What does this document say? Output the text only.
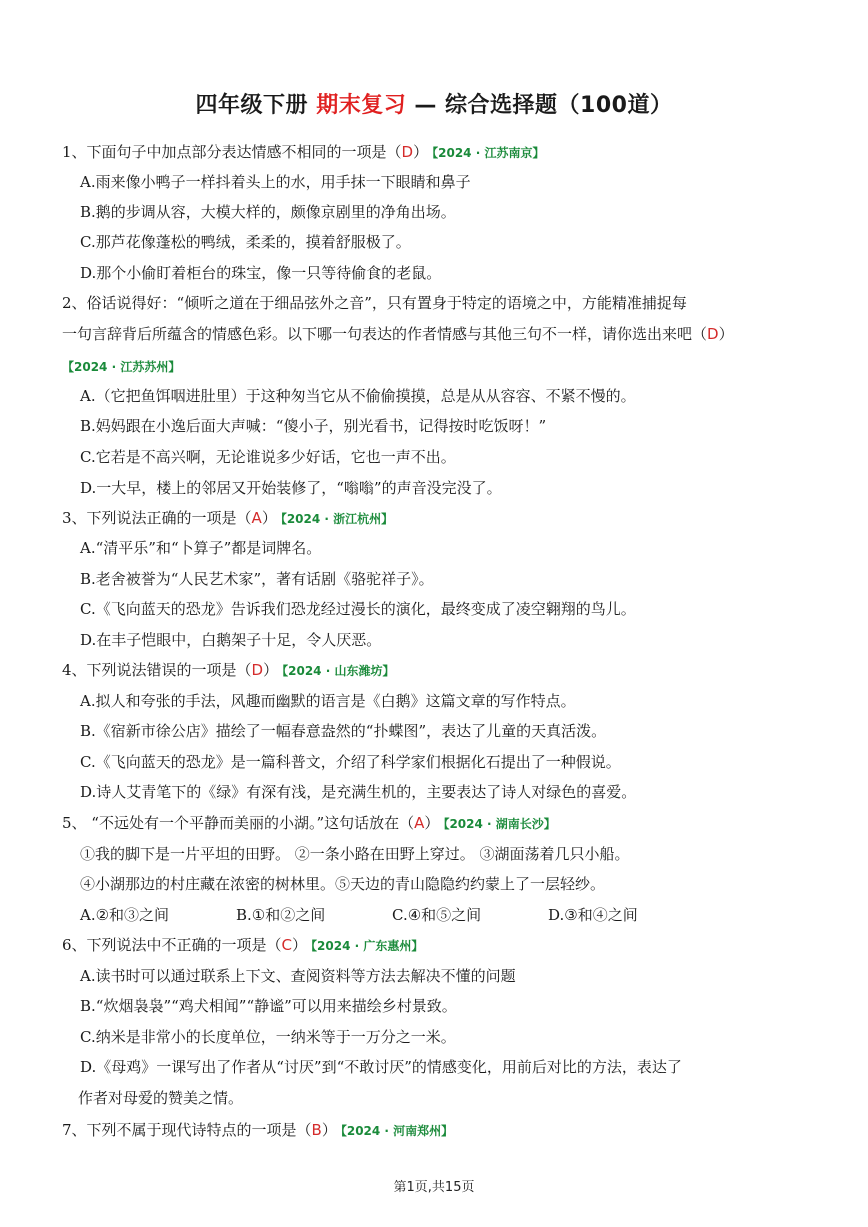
四年级下册 期末复习 — 综合选择题（100道）
1、下面句子中加点部分表达情感不相同的一项是（D） 【2024 · 江苏南京】
A.雨来像小鸭子一样抖着头上的水，用手抹一下眼睛和鼻子
B.鹅的步调从容，大模大样的，颇像京剧里的净角出场。
C.那芦花像蓬松的鸭绒，柔柔的，摸着舒服极了。
D.那个小偷盯着柜台的珠宝，像一只等待偷食的老鼠。
2、俗话说得好：“倾听之道在于细品弦外之音”，只有置身于特定的语境之中，方能精准捕捉每
一句言辞背后所蕴含的情感色彩。以下哪一句表达的作者情感与其他三句不一样，请你选出来吧（D）
【2024 · 江苏苏州】
A.（它把鱼饵咽进肚里）于这种匆当它从不偷偷摸摸，总是从从容容、不紧不慢的。
B.妈妈跟在小逸后面大声喊：“傻小子，别光看书，记得按时吃饭呀！”
C.它若是不高兴啊，无论谁说多少好话，它也一声不出。
D.一大早，楼上的邻居又开始装修了，“嗡嗡”的声音没完没了。
3、下列说法正确的一项是（A） 【2024 · 浙江杭州】
A.“清平乐”和“卜算子”都是词牌名。
B.老舍被誉为“人民艺术家”，著有话剧《骆驼祥子》。
C.《飞向蓝天的恐龙》告诉我们恐龙经过漫长的演化，最终变成了凌空翱翔的鸟儿。
D.在丰子恺眼中，白鹅架子十足，令人厌恶。
4、下列说法错误的一项是（D） 【2024 · 山东潍坊】
A.拟人和夸张的手法，风趣而幽默的语言是《白鹅》这篇文章的写作特点。
B.《宿新市徐公店》描绘了一幅春意盎然的“扑蝶图”，表达了儿童的天真活泼。
C.《飞向蓝天的恐龙》是一篇科普文，介绍了科学家们根据化石提出了一种假说。
D.诗人艾青笔下的《绿》有深有浅，是充满生机的，主要表达了诗人对绿色的喜爱。
5、 “不远处有一个平静而美丽的小湖。”这句话放在（A） 【2024 · 湖南长沙】
①我的脚下是一片平坦的田野。 ②一条小路在田野上穿过。 ③湖面荡着几只小船。
④小湖那边的村庄藏在浓密的树林里。⑤天边的青山隐隐约约蒙上了一层轻纱。
A.②和③之间	B.①和②之间	C.④和⑤之间	D.③和④之间
6、下列说法中不正确的一项是（C） 【2024 · 广东惠州】
A.读书时可以通过联系上下文、查阅资料等方法去解决不懂的问题
B.“炊烟袅袅”“鸡犬相闻”“静谧”可以用来描绘乡村景致。
C.纳米是非常小的长度单位，一纳米等于一万分之一米。
D.《母鸡》一课写出了作者从“讨厌”到“不敢讨厌”的情感变化，用前后对比的方法，表达了
作者对母爱的赞美之情。
7、下列不属于现代诗特点的一项是（B） 【2024 · 河南郑州】
第1页,共15页
